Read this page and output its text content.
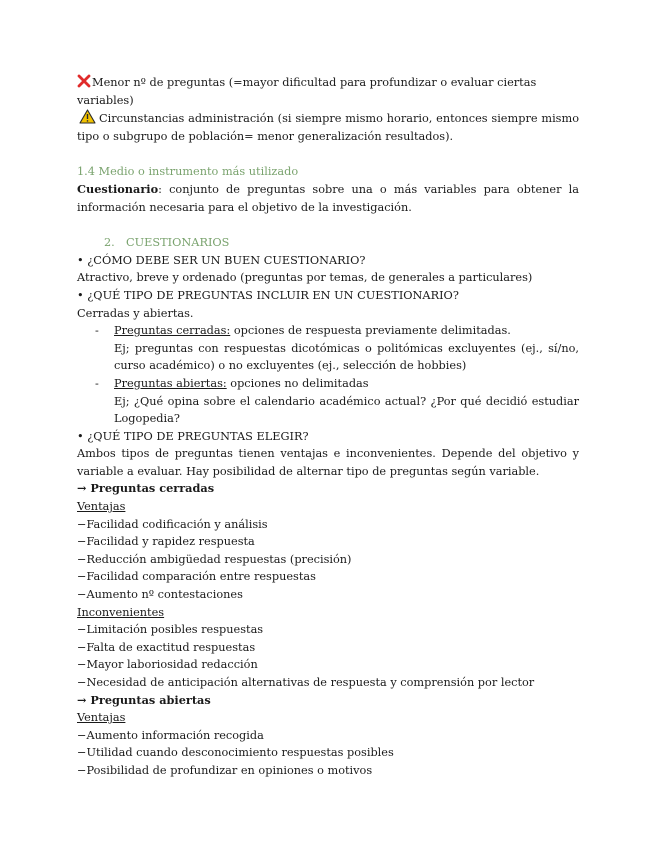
Menor nº de preguntas (=mayor dificultad para profundizar o evaluar ciertas variables)

Circunstancias administración (si siempre mismo horario, entonces siempre mismo tipo o subgrupo de población= menor generalización resultados).

1.4 Medio o instrumento más utilizado

Cuestionario: conjunto de preguntas sobre una o más variables para obtener la información necesaria para el objetivo de la investigación.

2. CUESTIONARIOS

• ¿CÓMO DEBE SER UN BUEN CUESTIONARIO?

Atractivo, breve y ordenado (preguntas por temas, de generales a particulares)

• ¿QUÉ TIPO DE PREGUNTAS INCLUIR EN UN CUESTIONARIO?

Cerradas y abiertas.

- Preguntas cerradas: opciones de respuesta previamente delimitadas.

Ej; preguntas con respuestas dicotómicas o politómicas excluyentes (ej., sí/no, curso académico) o no excluyentes (ej., selección de hobbies)

- Preguntas abiertas: opciones no delimitadas

Ej; ¿Qué opina sobre el calendario académico actual? ¿Por qué decidió estudiar Logopedia?

• ¿QUÉ TIPO DE PREGUNTAS ELEGIR?

Ambos tipos de preguntas tienen ventajas e inconvenientes. Depende del objetivo y variable a evaluar. Hay posibilidad de alternar tipo de preguntas según variable.

→ Preguntas cerradas

Ventajas

−Facilidad codificación y análisis

−Facilidad y rapidez respuesta

−Reducción ambigüedad respuestas (precisión)

−Facilidad comparación entre respuestas

−Aumento nº contestaciones

Inconvenientes

−Limitación posibles respuestas

−Falta de exactitud respuestas

−Mayor laboriosidad redacción

−Necesidad de anticipación alternativas de respuesta y comprensión por lector

→ Preguntas abiertas

Ventajas

−Aumento información recogida

−Utilidad cuando desconocimiento respuestas posibles

−Posibilidad de profundizar en opiniones o motivos
